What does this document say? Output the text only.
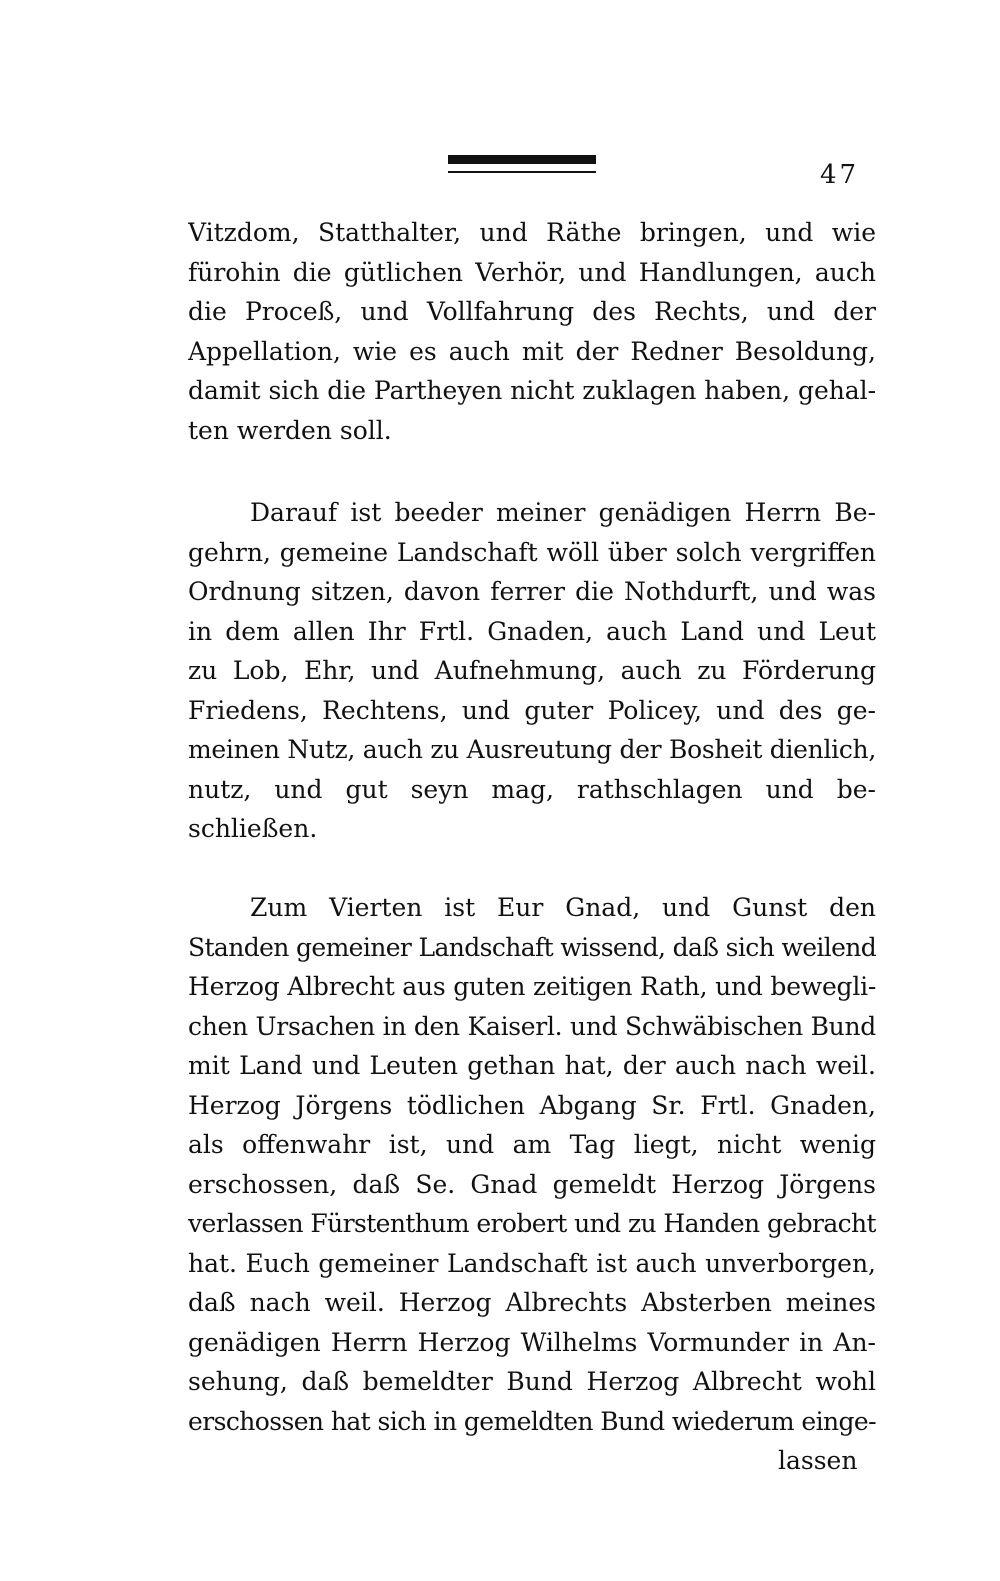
47
Vitzdom, Statthalter, und Räthe bringen, und wie
fürohin die gütlichen Verhör, und Handlungen, auch
die Proceß, und Vollfahrung des Rechts, und der
Appellation, wie es auch mit der Redner Besoldung,
damit sich die Partheyen nicht zuklagen haben, gehal-
ten werden soll.
Darauf ist beeder meiner genädigen Herrn Be-
gehrn, gemeine Landschaft wöll über solch vergriffen
Ordnung sitzen, davon ferrer die Nothdurft, und was
in dem allen Ihr Frtl. Gnaden, auch Land und Leut
zu Lob, Ehr, und Aufnehmung, auch zu Förderung
Friedens, Rechtens, und guter Policey, und des ge-
meinen Nutz, auch zu Ausreutung der Bosheit dienlich,
nutz, und gut seyn mag, rathschlagen und be-
schließen.
Zum Vierten ist Eur Gnad, und Gunst den
Standen gemeiner Landschaft wissend, daß sich weilend
Herzog Albrecht aus guten zeitigen Rath, und bewegli-
chen Ursachen in den Kaiserl. und Schwäbischen Bund
mit Land und Leuten gethan hat, der auch nach weil.
Herzog Jörgens tödlichen Abgang Sr. Frtl. Gnaden,
als offenwahr ist, und am Tag liegt, nicht wenig
erschossen, daß Se. Gnad gemeldt Herzog Jörgens
verlassen Fürstenthum erobert und zu Handen gebracht
hat. Euch gemeiner Landschaft ist auch unverborgen,
daß nach weil. Herzog Albrechts Absterben meines
genädigen Herrn Herzog Wilhelms Vormunder in An-
sehung, daß bemeldter Bund Herzog Albrecht wohl
erschossen hat sich in gemeldten Bund wiederum einge-
lassen
